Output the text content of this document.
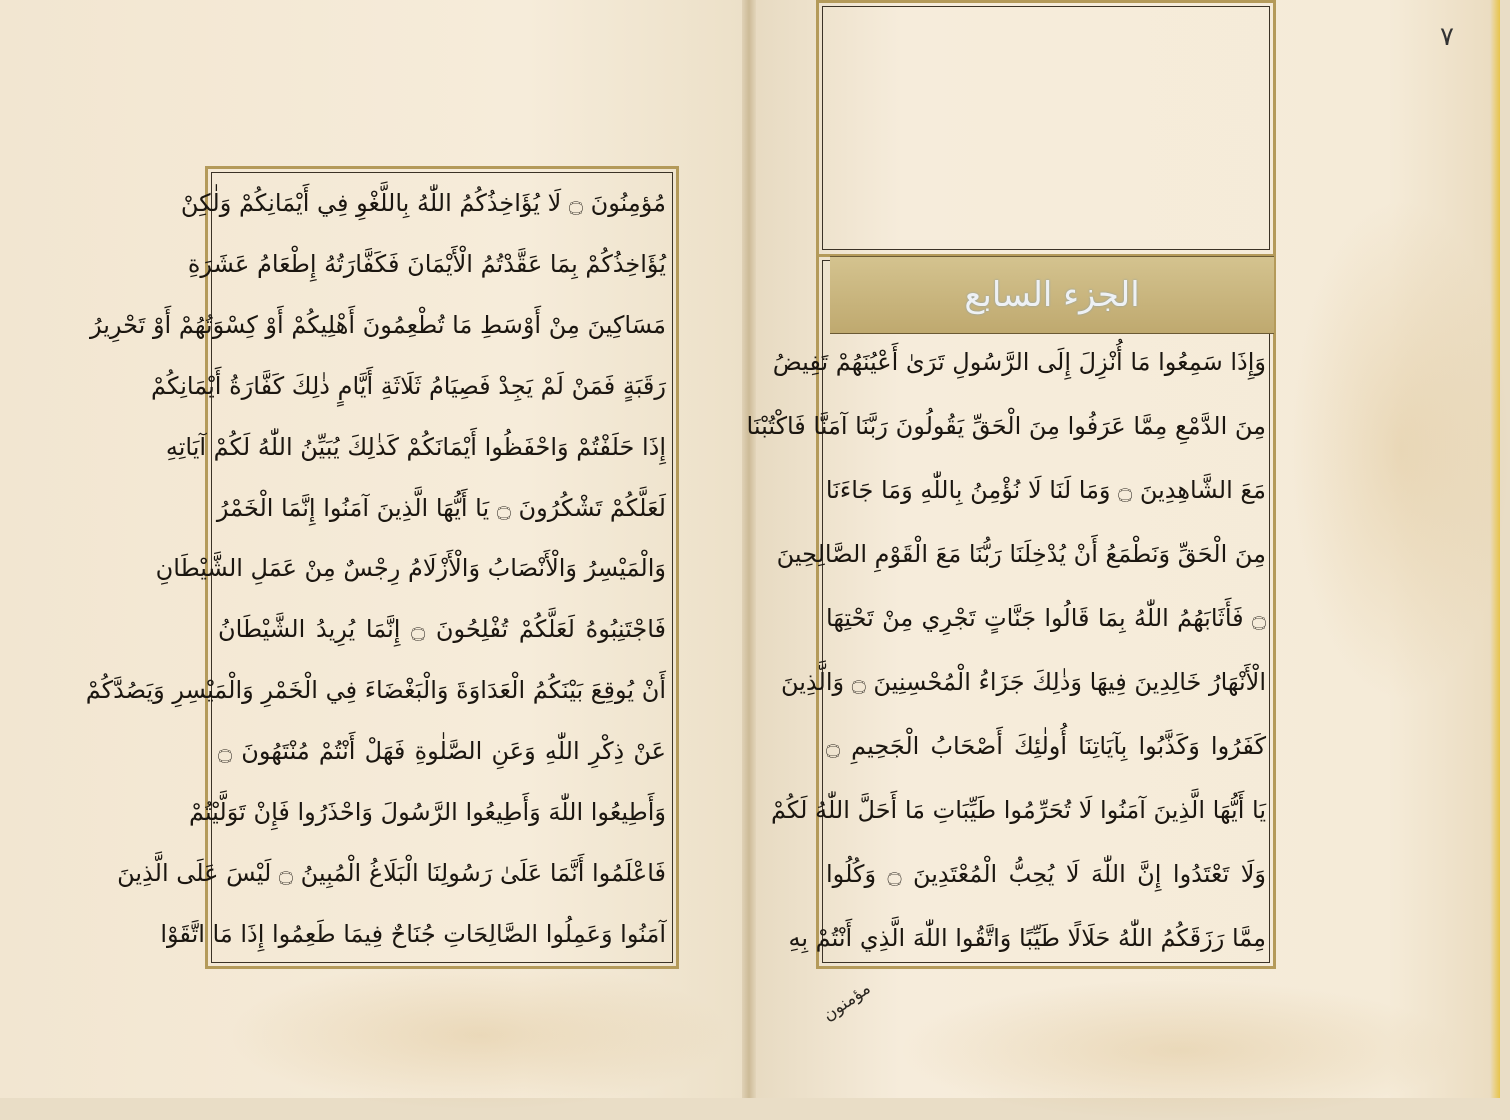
٧
مؤمنون
مُؤمِنُونَ ۝ لَا يُؤَاخِذُكُمُ اللّٰهُ بِاللَّغْوِ فِي أَيْمَانِكُمْ وَلٰكِنْ
يُؤَاخِذُكُمْ بِمَا عَقَّدْتُمُ الْأَيْمَانَ فَكَفَّارَتُهُ إِطْعَامُ عَشَرَةِ
مَسَاكِينَ مِنْ أَوْسَطِ مَا تُطْعِمُونَ أَهْلِيكُمْ أَوْ كِسْوَتُهُمْ أَوْ تَحْرِيرُ
رَقَبَةٍ فَمَنْ لَمْ يَجِدْ فَصِيَامُ ثَلَاثَةِ أَيَّامٍ ذٰلِكَ كَفَّارَةُ أَيْمَانِكُمْ
إِذَا حَلَفْتُمْ وَاحْفَظُوا أَيْمَانَكُمْ كَذٰلِكَ يُبَيِّنُ اللّٰهُ لَكُمْ آيَاتِهِ
لَعَلَّكُمْ تَشْكُرُونَ ۝ يَا أَيُّهَا الَّذِينَ آمَنُوا إِنَّمَا الْخَمْرُ
وَالْمَيْسِرُ وَالْأَنْصَابُ وَالْأَزْلَامُ رِجْسٌ مِنْ عَمَلِ الشَّيْطَانِ
فَاجْتَنِبُوهُ لَعَلَّكُمْ تُفْلِحُونَ ۝ إِنَّمَا يُرِيدُ الشَّيْطَانُ
أَنْ يُوقِعَ بَيْنَكُمُ الْعَدَاوَةَ وَالْبَغْضَاءَ فِي الْخَمْرِ وَالْمَيْسِرِ وَيَصُدَّكُمْ
عَنْ ذِكْرِ اللّٰهِ وَعَنِ الصَّلٰوةِ فَهَلْ أَنْتُمْ مُنْتَهُونَ ۝
وَأَطِيعُوا اللّٰهَ وَأَطِيعُوا الرَّسُولَ وَاحْذَرُوا فَإِنْ تَوَلَّيْتُمْ
فَاعْلَمُوا أَنَّمَا عَلَىٰ رَسُولِنَا الْبَلَاغُ الْمُبِينُ ۝ لَيْسَ عَلَى الَّذِينَ
آمَنُوا وَعَمِلُوا الصَّالِحَاتِ جُنَاحٌ فِيمَا طَعِمُوا إِذَا مَا اتَّقَوْا
الجزء السابع
وَإِذَا سَمِعُوا مَا أُنْزِلَ إِلَى الرَّسُولِ تَرَىٰ أَعْيُنَهُمْ تَفِيضُ
مِنَ الدَّمْعِ مِمَّا عَرَفُوا مِنَ الْحَقِّ يَقُولُونَ رَبَّنَا آمَنَّا فَاكْتُبْنَا
مَعَ الشَّاهِدِينَ ۝ وَمَا لَنَا لَا نُؤْمِنُ بِاللّٰهِ وَمَا جَاءَنَا
مِنَ الْحَقِّ وَنَطْمَعُ أَنْ يُدْخِلَنَا رَبُّنَا مَعَ الْقَوْمِ الصَّالِحِينَ
۝ فَأَثَابَهُمُ اللّٰهُ بِمَا قَالُوا جَنَّاتٍ تَجْرِي مِنْ تَحْتِهَا
الْأَنْهَارُ خَالِدِينَ فِيهَا وَذٰلِكَ جَزَاءُ الْمُحْسِنِينَ ۝ وَالَّذِينَ
كَفَرُوا وَكَذَّبُوا بِآيَاتِنَا أُولٰئِكَ أَصْحَابُ الْجَحِيمِ ۝
يَا أَيُّهَا الَّذِينَ آمَنُوا لَا تُحَرِّمُوا طَيِّبَاتِ مَا أَحَلَّ اللّٰهُ لَكُمْ
وَلَا تَعْتَدُوا إِنَّ اللّٰهَ لَا يُحِبُّ الْمُعْتَدِينَ ۝ وَكُلُوا
مِمَّا رَزَقَكُمُ اللّٰهُ حَلَالًا طَيِّبًا وَاتَّقُوا اللّٰهَ الَّذِي أَنْتُمْ بِهِ
